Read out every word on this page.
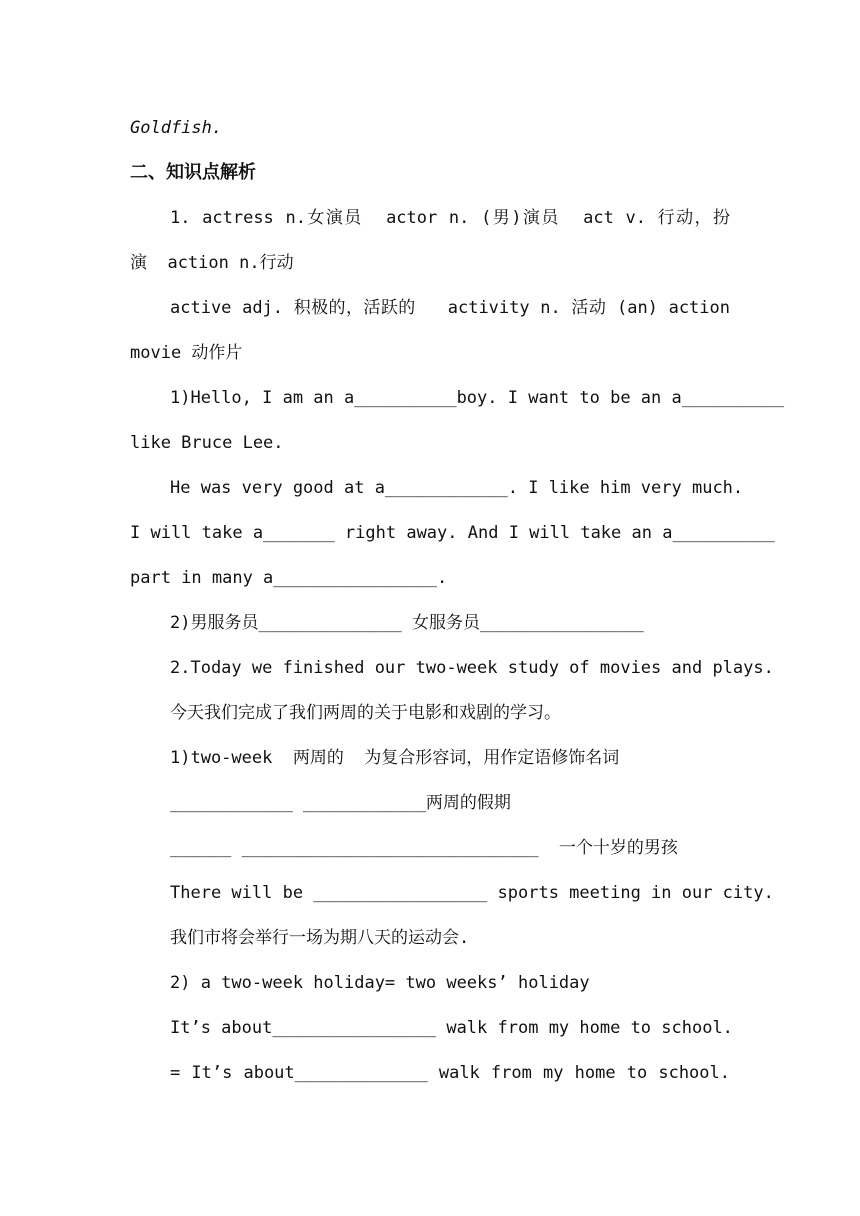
Goldfish.
二、知识点解析
1. actress n.女演员  actor n. (男)演员  act v. 行动，扮
演  action n.行动
active adj. 积极的，活跃的   activity n. 活动 (an) action
movie 动作片
1)Hello, I am an a__________boy. I want to be an a__________
like Bruce Lee.
He was very good at a____________. I like him very much.
I will take a_______ right away. And I will take an a__________
part in many a________________.
2)男服务员______________ 女服务员________________
2.Today we finished our two-week study of movies and plays.
今天我们完成了我们两周的关于电影和戏剧的学习。
1)two-week  两周的  为复合形容词，用作定语修饰名词
____________ ____________两周的假期
______ _____________________________  一个十岁的男孩
There will be _________________ sports meeting in our city.
我们市将会举行一场为期八天的运动会.
2) a two-week holiday= two weeks’ holiday
It’s about________________ walk from my home to school.
= It’s about_____________ walk from my home to school.
